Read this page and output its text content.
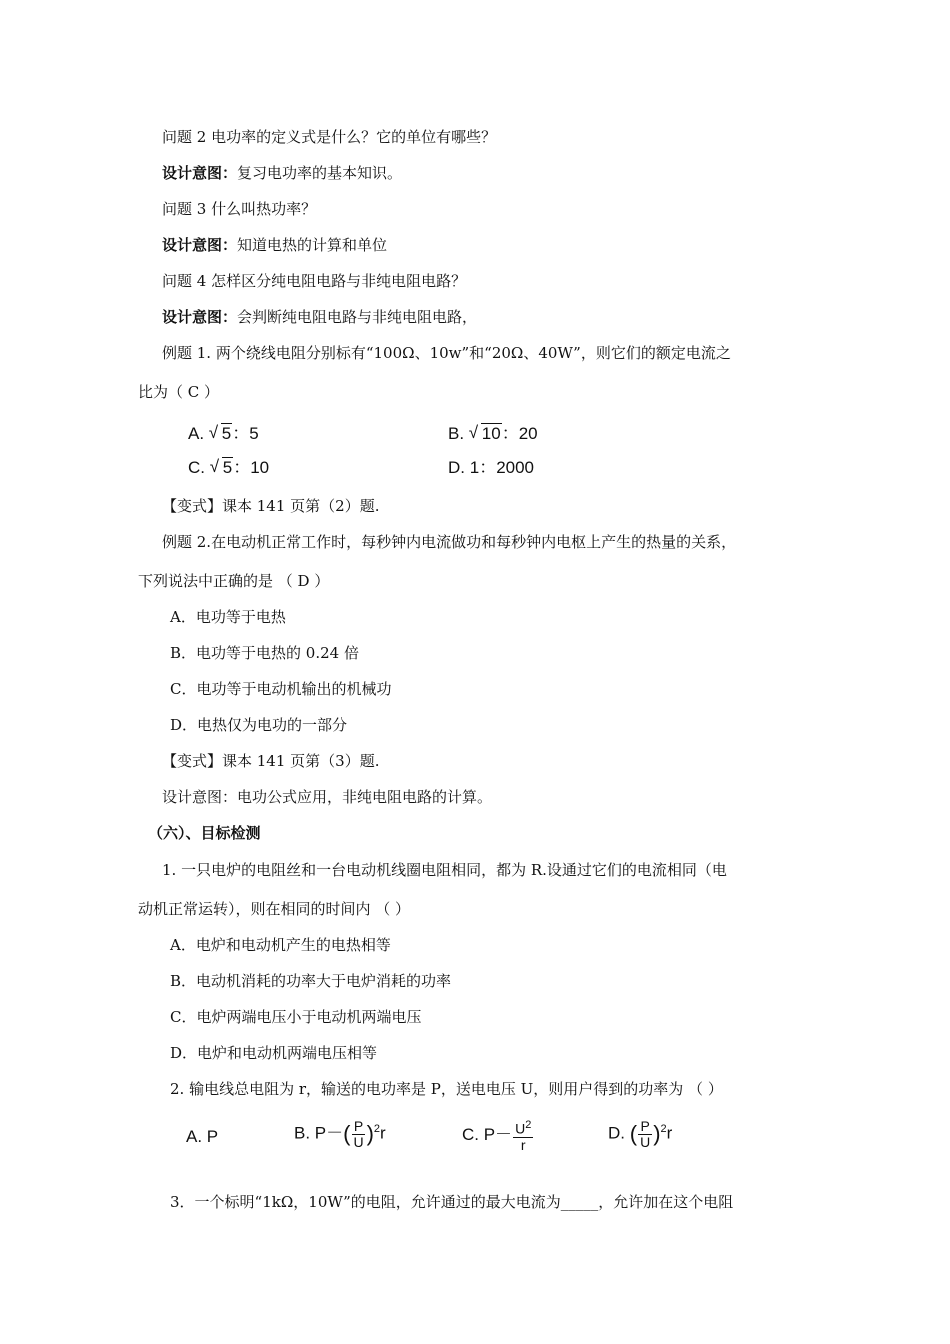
问题 2 电功率的定义式是什么？它的单位有哪些？
设计意图：复习电功率的基本知识。
问题 3 什么叫热功率？
设计意图：知道电热的计算和单位
问题 4 怎样区分纯电阻电路与非纯电阻电路？
设计意图：会判断纯电阻电路与非纯电阻电路，
例题 1. 两个绕线电阻分别标有“100Ω、10w”和“20Ω、40W”，则它们的额定电流之
比为（ C ）
A. √ 5：5	B. √ 10：20
C. √ 5：10	D. 1：2000
【变式】课本 141 页第（2）题.
例题 2.在电动机正常工作时，每秒钟内电流做功和每秒钟内电枢上产生的热量的关系，
下列说法中正确的是 （ D ）
A．电功等于电热
B．电功等于电热的 0.24 倍
C．电功等于电动机输出的机械功
D．电热仅为电功的一部分
【变式】课本 141 页第（3）题.
设计意图：电功公式应用，非纯电阻电路的计算。
（六）、目标检测
1. 一只电炉的电阻丝和一台电动机线圈电阻相同，都为 R.设通过它们的电流相同（电
动机正常运转），则在相同的时间内 （ ）
A．电炉和电动机产生的电热相等
B．电动机消耗的功率大于电炉消耗的功率
C．电炉两端电压小于电动机两端电压
D．电炉和电动机两端电压相等
2. 输电线总电阻为 r，输送的电功率是 P，送电电压 U，则用户得到的功率为 （ ）
A. P	B. $P-( \frac{P}{U} )^2r$	C. $P- \frac{U^2}{r}$	D. ( $\frac{P}{U} )^2r$
3．一个标明“1kΩ，10W”的电阻，允许通过的最大电流为_____，允许加在这个电阻
